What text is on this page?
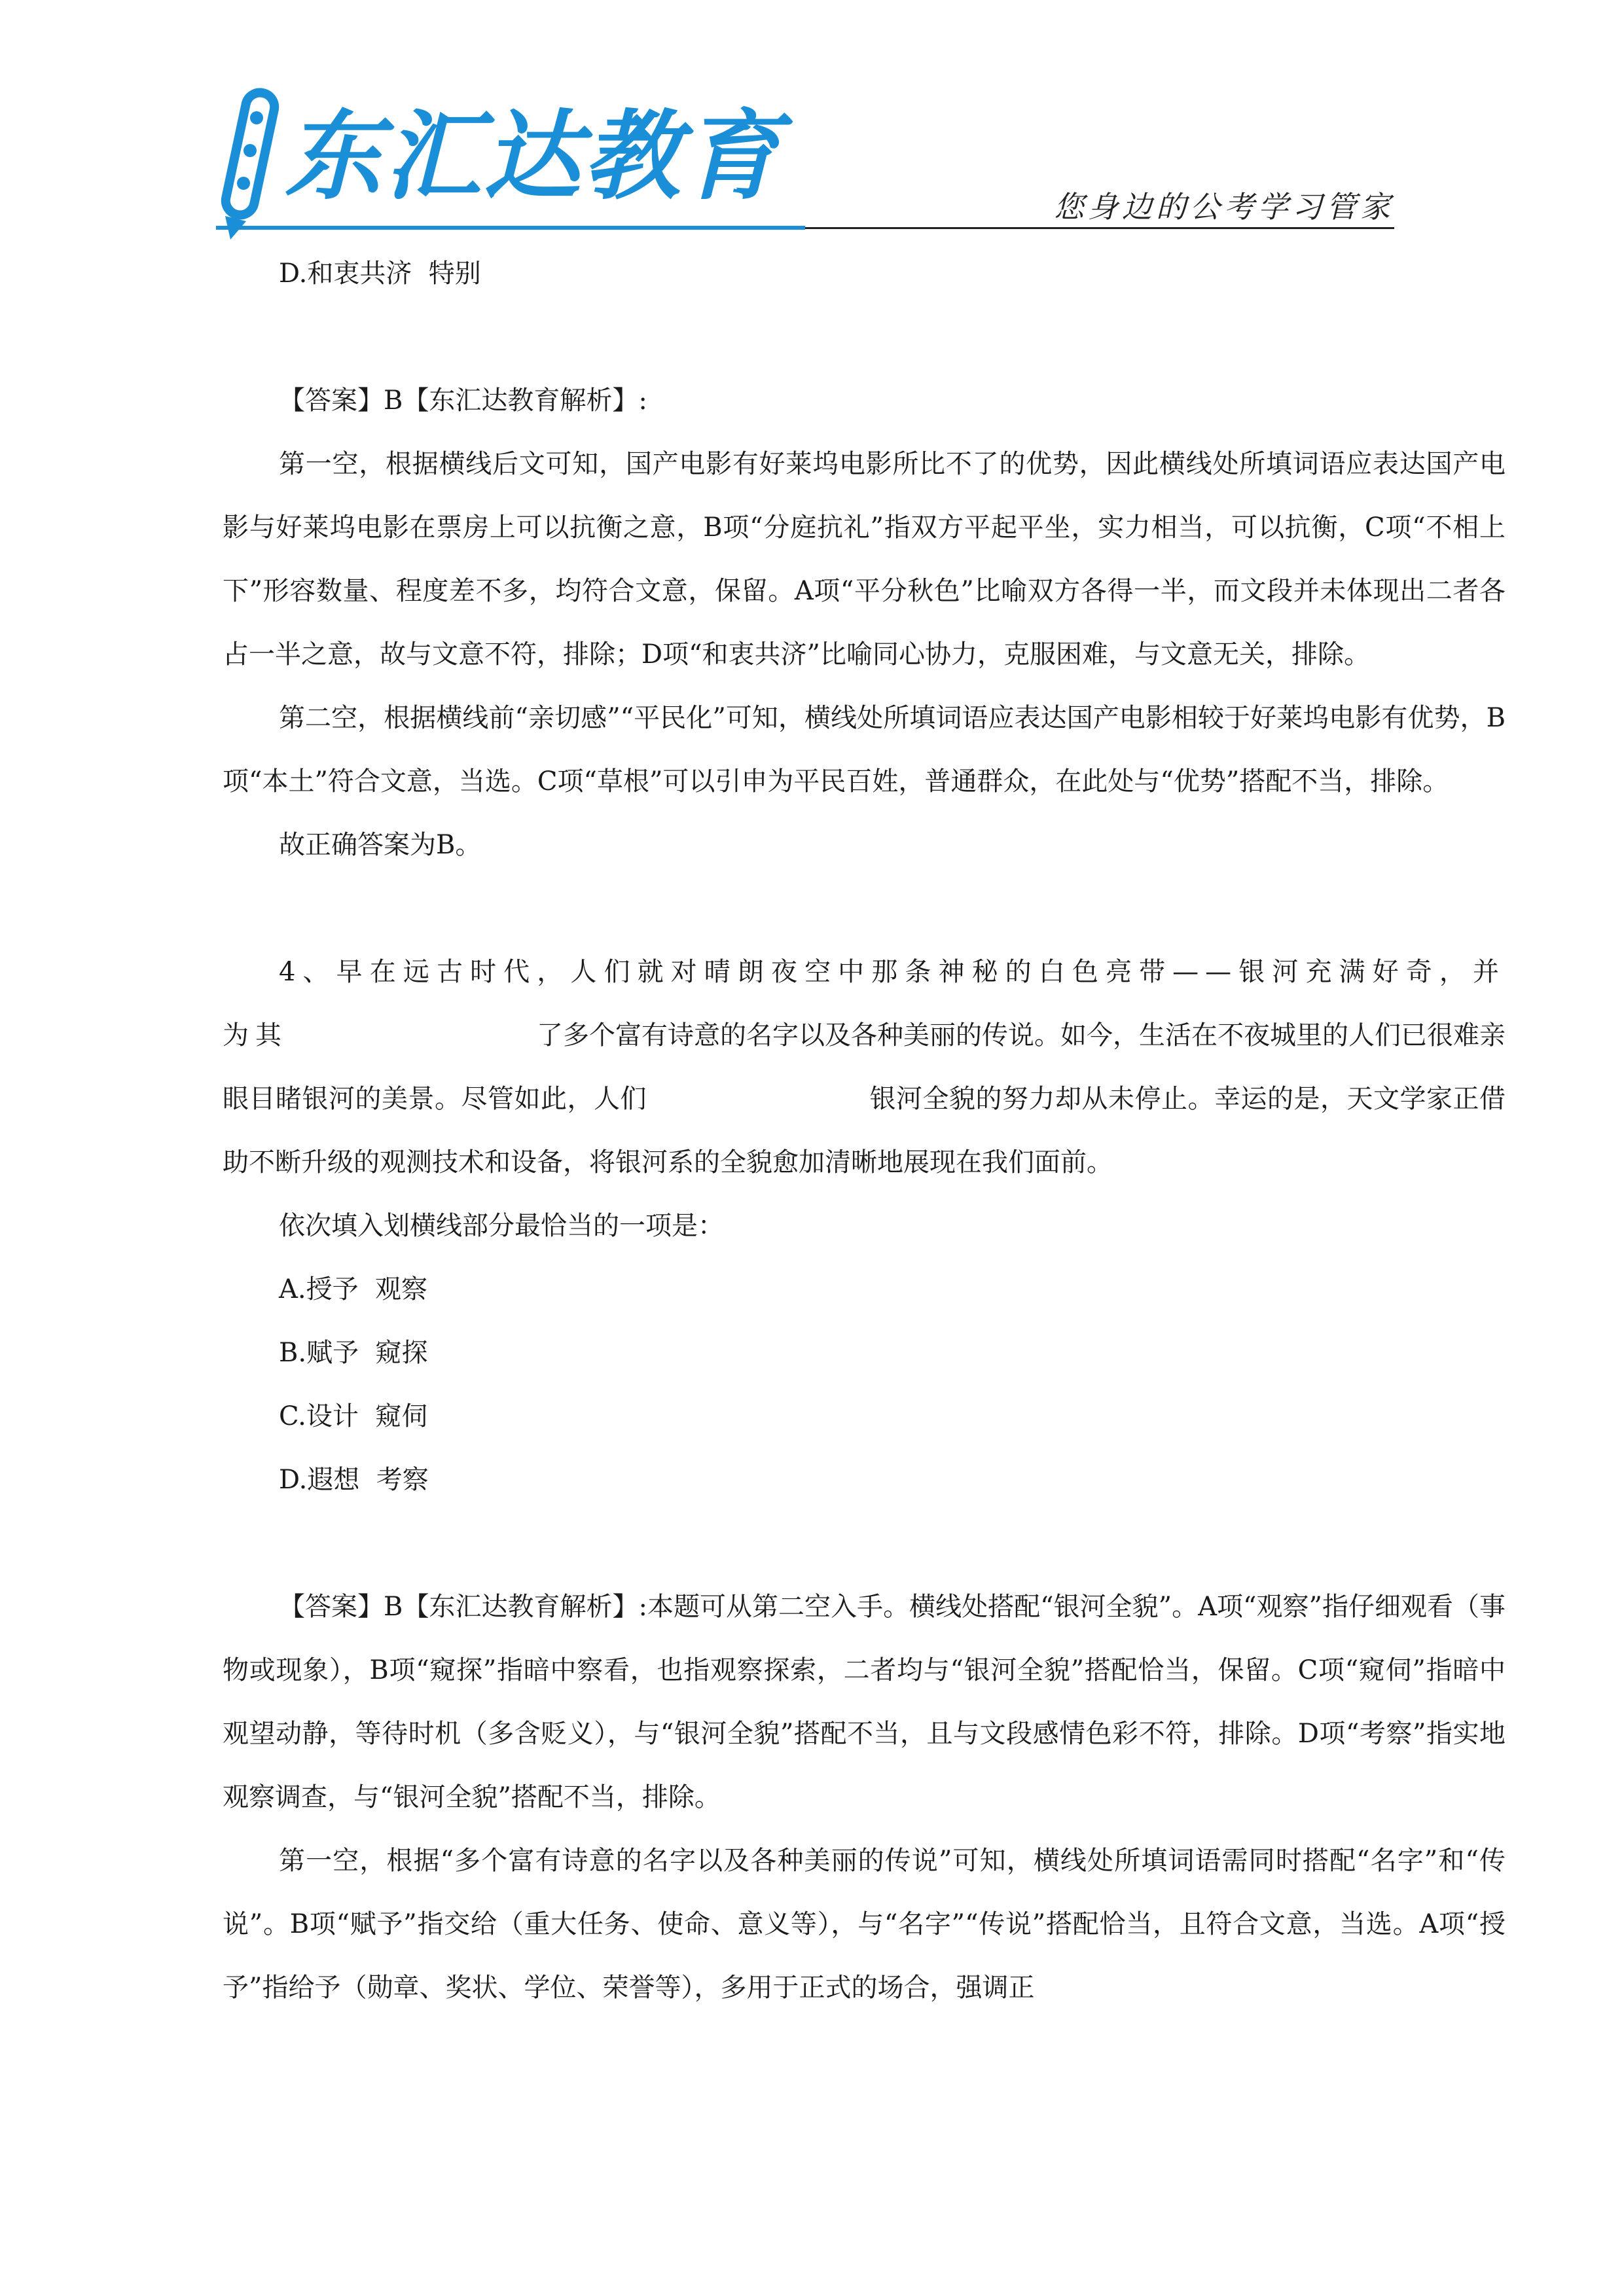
东汇达教育	您身边的公考学习管家

D.和衷共济  特别

【答案】B【东汇达教育解析】:

第一空，根据横线后文可知，国产电影有好莱坞电影所比不了的优势，因此横线处所填词语应表达国产电影与好莱坞电影在票房上可以抗衡之意，B项“分庭抗礼”指双方平起平坐，实力相当，可以抗衡，C项“不相上下”形容数量、程度差不多，均符合文意，保留。A项“平分秋色”比喻双方各得一半，而文段并未体现出二者各占一半之意，故与文意不符，排除；D项“和衷共济”比喻同心协力，克服困难，与文意无关，排除。

第二空，根据横线前“亲切感”“平民化”可知，横线处所填词语应表达国产电影相较于好莱坞电影有优势，B项“本土”符合文意，当选。C项“草根”可以引申为平民百姓，普通群众，在此处与“优势”搭配不当，排除。

故正确答案为B。

4、早在远古时代，人们就对晴朗夜空中那条神秘的白色亮带——银河充满好奇，并为其	了多个富有诗意的名字以及各种美丽的传说。如今，生活在不夜城里的人们已很难亲眼目睹银河的美景。尽管如此，人们	银河全貌的努力却从未停止。幸运的是，天文学家正借助不断升级的观测技术和设备，将银河系的全貌愈加清晰地展现在我们面前。

依次填入划横线部分最恰当的一项是：

A.授予  观察

B.赋予  窥探

C.设计  窥伺

D.遐想  考察

【答案】B【东汇达教育解析】:本题可从第二空入手。横线处搭配“银河全貌”。A项“观察”指仔细观看（事物或现象），B项“窥探”指暗中察看，也指观察探索，二者均与“银河全貌”搭配恰当，保留。C项“窥伺”指暗中观望动静，等待时机（多含贬义），与“银河全貌”搭配不当，且与文段感情色彩不符，排除。D项“考察”指实地观察调查，与“银河全貌”搭配不当，排除。

第一空，根据“多个富有诗意的名字以及各种美丽的传说”可知，横线处所填词语需同时搭配“名字”和“传说”。B项“赋予”指交给（重大任务、使命、意义等），与“名字”“传说”搭配恰当，且符合文意，当选。A项“授予”指给予（勋章、奖状、学位、荣誉等），多用于正式的场合，强调正
